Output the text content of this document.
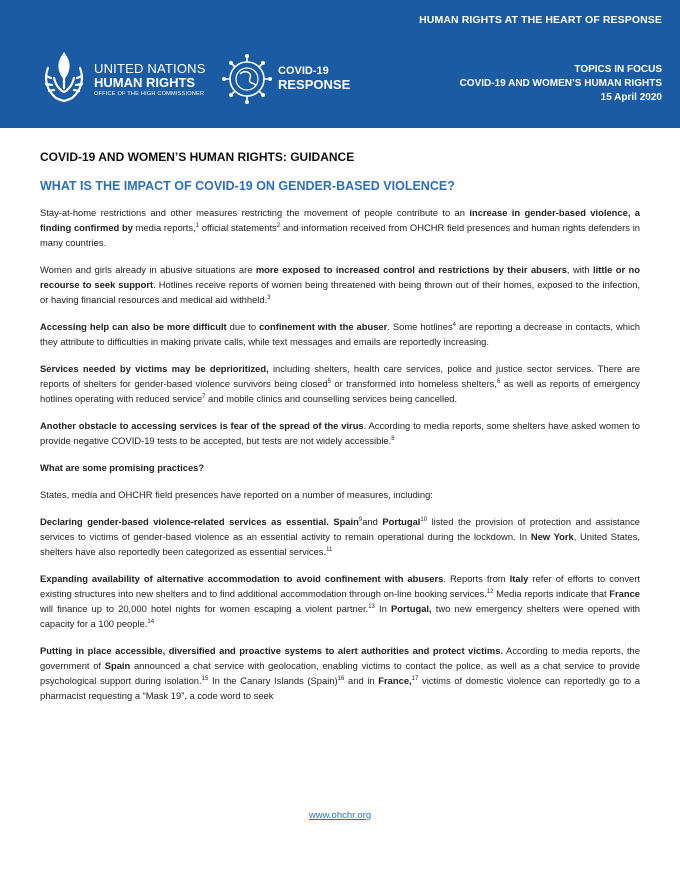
HUMAN RIGHTS AT THE HEART OF RESPONSE
UNITED NATIONS
HUMAN RIGHTS
OFFICE OF THE HIGH COMMISSIONER
COVID-19
RESPONSE
TOPICS IN FOCUS
COVID-19 AND WOMEN’S HUMAN RIGHTS
15 April 2020
COVID-19 AND WOMEN’S HUMAN RIGHTS: GUIDANCE
WHAT IS THE IMPACT OF COVID-19 ON GENDER-BASED VIOLENCE?

Stay-at-home restrictions and other measures restricting the movement of people contribute to an increase in gender-based violence, a finding confirmed by media reports,$^1$ official statements$^2$ and information received from OHCHR field presences and human rights defenders in many countries.

Women and girls already in abusive situations are more exposed to increased control and restrictions by their abusers, with little or no recourse to seek support. Hotlines receive reports of women being threatened with being thrown out of their homes, exposed to the infection, or having financial resources and medical aid withheld.$^3$

Accessing help can also be more difficult due to confinement with the abuser. Some hotlines$^4$ are reporting a decrease in contacts, which they attribute to difficulties in making private calls, while text messages and emails are reportedly increasing.

Services needed by victims may be deprioritized, including shelters, health care services, police and justice sector services. There are reports of shelters for gender-based violence survivors being closed$^5$ or transformed into homeless shelters,$^6$ as well as reports of emergency hotlines operating with reduced service$^7$ and mobile clinics and counselling services being cancelled.

Another obstacle to accessing services is fear of the spread of the virus. According to media reports, some shelters have asked women to provide negative COVID-19 tests to be accepted, but tests are not widely accessible.$^8$

What are some promising practices?

States, media and OHCHR field presences have reported on a number of measures, including:

Declaring gender-based violence-related services as essential. Spain$^9$and Portugal$^{10}$ listed the provision of protection and assistance services to victims of gender-based violence as an essential activity to remain operational during the lockdown. In New York, United States, shelters have also reportedly been categorized as essential services.$^{11}$

Expanding availability of alternative accommodation to avoid confinement with abusers. Reports from Italy refer of efforts to convert existing structures into new shelters and to find additional accommodation through on-line booking services.$^{12}$ Media reports indicate that France will finance up to 20,000 hotel nights for women escaping a violent partner.$^{13}$ In Portugal, two new emergency shelters were opened with capacity for a 100 people.$^{14}$

Putting in place accessible, diversified and proactive systems to alert authorities and protect victims. According to media reports, the government of Spain announced a chat service with geolocation, enabling victims to contact the police, as well as a chat service to provide psychological support during isolation.$^{15}$ In the Canary Islands (Spain)$^{16}$ and in France,$^{17}$ victims of domestic violence can reportedly go to a pharmacist requesting a “Mask 19”, a code word to seek

www.ohchr.org
